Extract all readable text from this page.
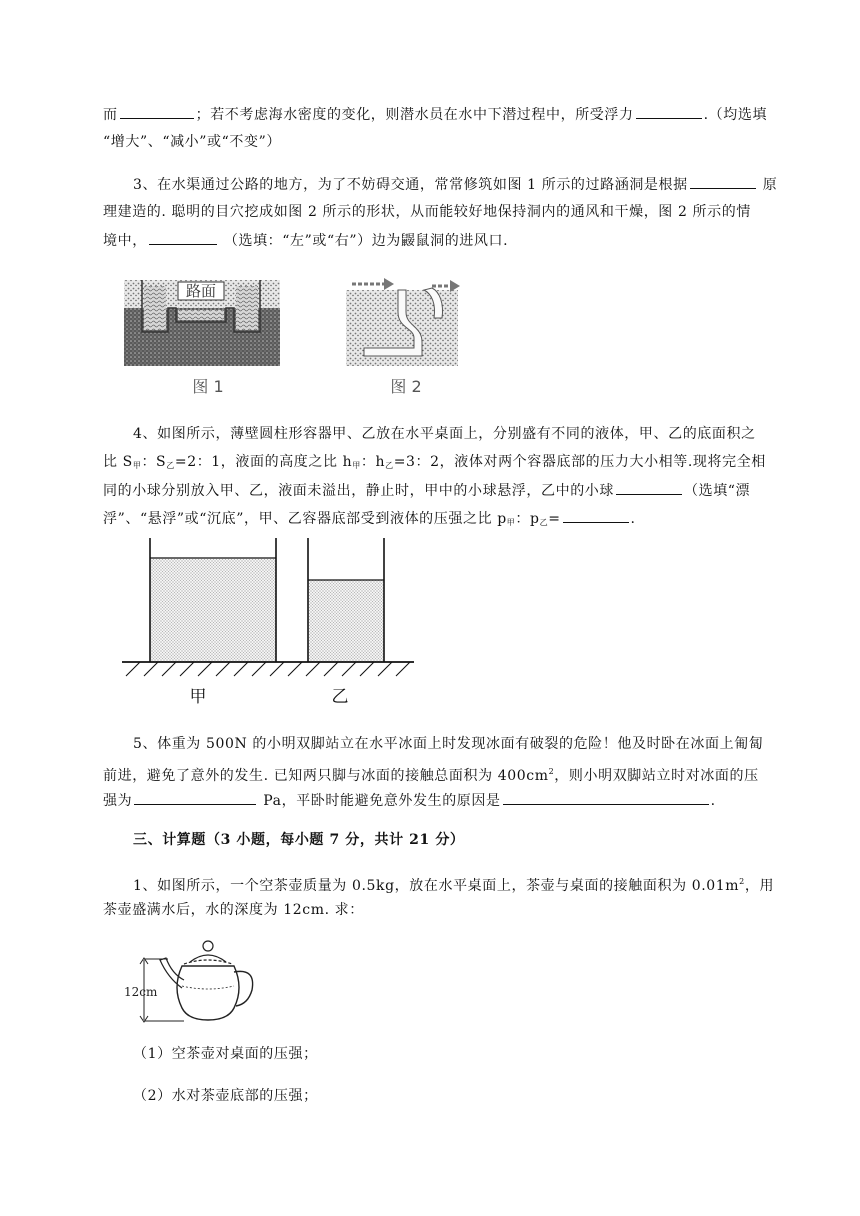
而	；若不考虑海水密度的变化，则潜水员在水中下潜过程中，所受浮力	.（均选填
“增大”、“减小”或“不变”）
3、在水渠通过公路的地方，为了不妨碍交通，常常修筑如图 1 所示的过路涵洞是根据	原
理建造的. 聪明的目穴挖成如图 2 所示的形状，从而能较好地保持洞内的通风和干燥，图 2 所示的情
境中，	（选填：“左”或“右”）边为鼹鼠洞的进风口.
路面
图 1	图 2
4、如图所示，薄壁圆柱形容器甲、乙放在水平桌面上，分别盛有不同的液体，甲、乙的底面积之
比 $S_甲$：$S_乙=2$：1，液面的高度之比 $h_甲$：$h_乙=3$：2，液体对两个容器底部的压力大小相等.现将完全相
同的小球分别放入甲、乙，液面未溢出，静止时，甲中的小球悬浮，乙中的小球	（选填“漂
浮”、“悬浮”或“沉底”，甲、乙容器底部受到液体的压强之比 $p_甲$：$p_乙=$	.
甲	乙
5、体重为 500N 的小明双脚站立在水平冰面上时发现冰面有破裂的危险！他及时卧在冰面上匍匐
前进，避免了意外的发生. 已知两只脚与冰面的接触总面积为 $400cm^2$，则小明双脚站立时对冰面的压
强为	Pa，平卧时能避免意外发生的原因是	.
三、计算题（3 小题，每小题 7 分，共计 21 分）
1、如图所示，一个空茶壶质量为 0.5kg，放在水平桌面上，茶壶与桌面的接触面积为 $0.01m^2$，用
茶壶盛满水后，水的深度为 12cm. 求：
12cm
（1）空茶壶对桌面的压强；
（2）水对茶壶底部的压强；
